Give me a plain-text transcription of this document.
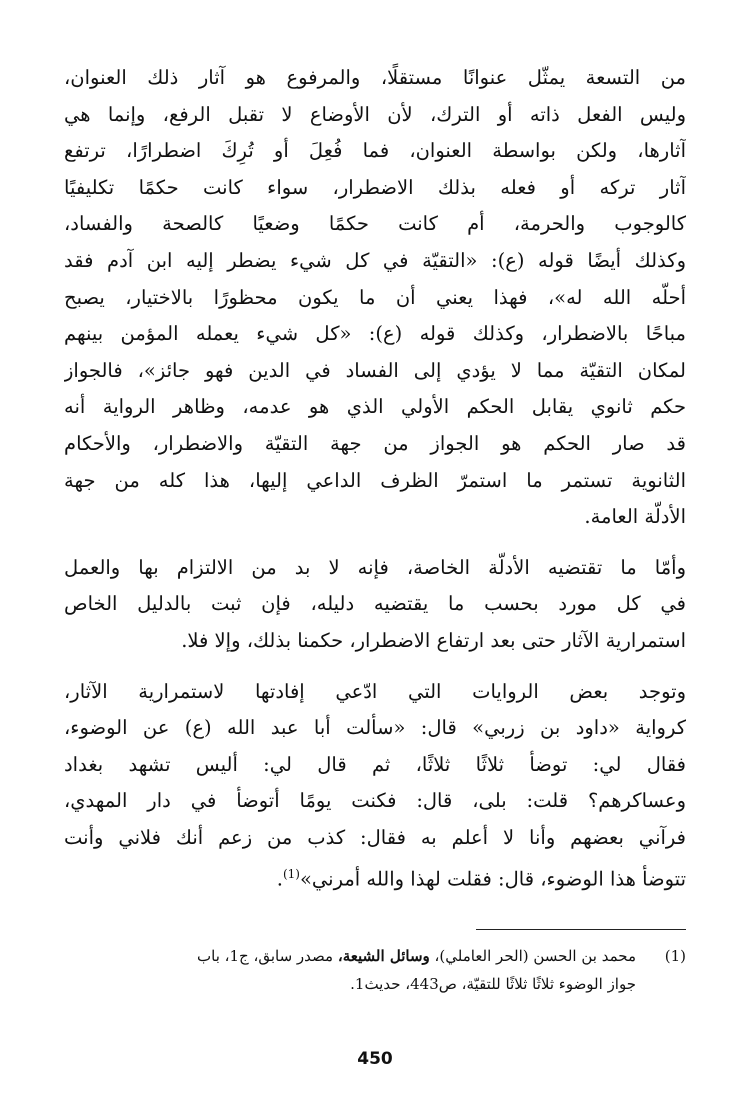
من التسعة يمثّل عنوانًا مستقلًا، والمرفوع هو آثار ذلك العنوان،
وليس الفعل ذاته أو الترك، لأن الأوضاع لا تقبل الرفع، وإنما هي
آثارها، ولكن بواسطة العنوان، فما فُعِلَ أو تُرِكَ اضطرارًا، ترتفع
آثار تركه أو فعله بذلك الاضطرار، سواء كانت حكمًا تكليفيًا
كالوجوب والحرمة، أم كانت حكمًا وضعيًا كالصحة والفساد،
وكذلك أيضًا قوله (ع): «التقيّة في كل شيء يضطر إليه ابن آدم فقد
أحلّه الله له»، فهذا يعني أن ما يكون محظورًا بالاختيار، يصبح
مباحًا بالاضطرار، وكذلك قوله (ع): «كل شيء يعمله المؤمن بينهم
لمكان التقيّة مما لا يؤدي إلى الفساد في الدين فهو جائز»، فالجواز
حكم ثانوي يقابل الحكم الأولي الذي هو عدمه، وظاهر الرواية أنه
قد صار الحكم هو الجواز من جهة التقيّة والاضطرار، والأحكام
الثانوية تستمر ما استمرّ الظرف الداعي إليها، هذا كله من جهة
الأدلّة العامة.

وأمّا ما تقتضيه الأدلّة الخاصة، فإنه لا بد من الالتزام بها والعمل
في كل مورد بحسب ما يقتضيه دليله، فإن ثبت بالدليل الخاص
استمرارية الآثار حتى بعد ارتفاع الاضطرار، حكمنا بذلك، وإلا فلا.

وتوجد بعض الروايات التي ادّعي إفادتها لاستمرارية الآثار،
كرواية «داود بن زربي» قال: «سألت أبا عبد الله (ع) عن الوضوء،
فقال لي: توضأ ثلاثًا ثلاثًا، ثم قال لي: أليس تشهد بغداد
وعساكرهم؟ قلت: بلى، قال: فكنت يومًا أتوضأ في دار المهدي،
فرآني بعضهم وأنا لا أعلم به فقال: كذب من زعم أنك فلاني وأنت
تتوضأ هذا الوضوء، قال: فقلت لهذا والله أمرني»$^{(1)}$.

(1)محمد بن الحسن (الحر العاملي)، وسائل الشيعة، مصدر سابق، ج1، باب
جواز الوضوء ثلاثًا ثلاثًا للتقيّة، ص443، حديث1.
450
